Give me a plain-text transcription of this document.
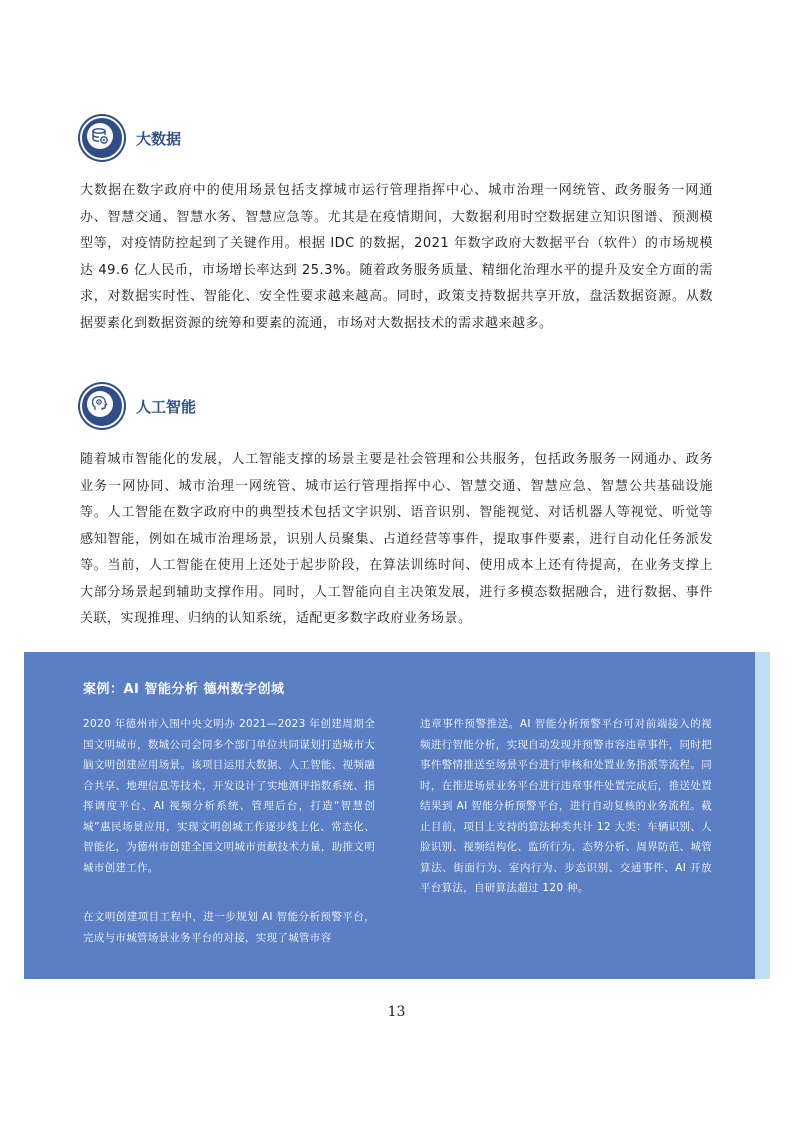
大数据

大数据在数字政府中的使用场景包括支撑城市运行管理指挥中心、城市治理一网统管、政务服务一网通办、智慧交通、智慧水务、智慧应急等。尤其是在疫情期间，大数据利用时空数据建立知识图谱、预测模型等，对疫情防控起到了关键作用。根据 IDC 的数据，2021 年数字政府大数据平台（软件）的市场规模达 49.6 亿人民币，市场增长率达到 25.3%。随着政务服务质量、精细化治理水平的提升及安全方面的需求，对数据实时性、智能化、安全性要求越来越高。同时，政策支持数据共享开放，盘活数据资源。从数据要素化到数据资源的统筹和要素的流通，市场对大数据技术的需求越来越多。

人工智能

随着城市智能化的发展，人工智能支撑的场景主要是社会管理和公共服务，包括政务服务一网通办、政务业务一网协同、城市治理一网统管、城市运行管理指挥中心、智慧交通、智慧应急、智慧公共基础设施等。人工智能在数字政府中的典型技术包括文字识别、语音识别、智能视觉、对话机器人等视觉、听觉等感知智能，例如在城市治理场景，识别人员聚集、占道经营等事件，提取事件要素，进行自动化任务派发等。当前，人工智能在使用上还处于起步阶段，在算法训练时间、使用成本上还有待提高，在业务支撑上大部分场景起到辅助支撑作用。同时，人工智能向自主决策发展，进行多模态数据融合，进行数据、事件关联，实现推理、归纳的认知系统，适配更多数字政府业务场景。

案例：AI 智能分析 德州数字创城

2020 年德州市入围中央文明办 2021—2023 年创建周期全国文明城市，数城公司会同多个部门单位共同谋划打造城市大脑文明创建应用场景。该项目运用大数据、人工智能、视频融合共享、地理信息等技术，开发设计了实地测评指数系统、指挥调度平台、AI 视频分析系统、管理后台，打造“智慧创城”惠民场景应用，实现文明创城工作逐步线上化、常态化、智能化，为德州市创建全国文明城市贡献技术力量，助推文明城市创建工作。

在文明创建项目工程中，进一步规划 AI 智能分析预警平台，完成与市城管场景业务平台的对接，实现了城管市容

违章事件预警推送。AI 智能分析预警平台可对前端接入的视频进行智能分析，实现自动发现并预警市容违章事件，同时把事件警情推送至场景平台进行审核和处置业务指派等流程。同时，在推进场景业务平台进行违章事件处置完成后，推送处置结果到 AI 智能分析预警平台，进行自动复核的业务流程。截止目前，项目上支持的算法种类共计 12 大类：车辆识别、人脸识别、视频结构化、监所行为、态势分析、周界防范、城管算法、街面行为、室内行为、步态识别、交通事件、AI 开放平台算法，自研算法超过 120 种。

13
